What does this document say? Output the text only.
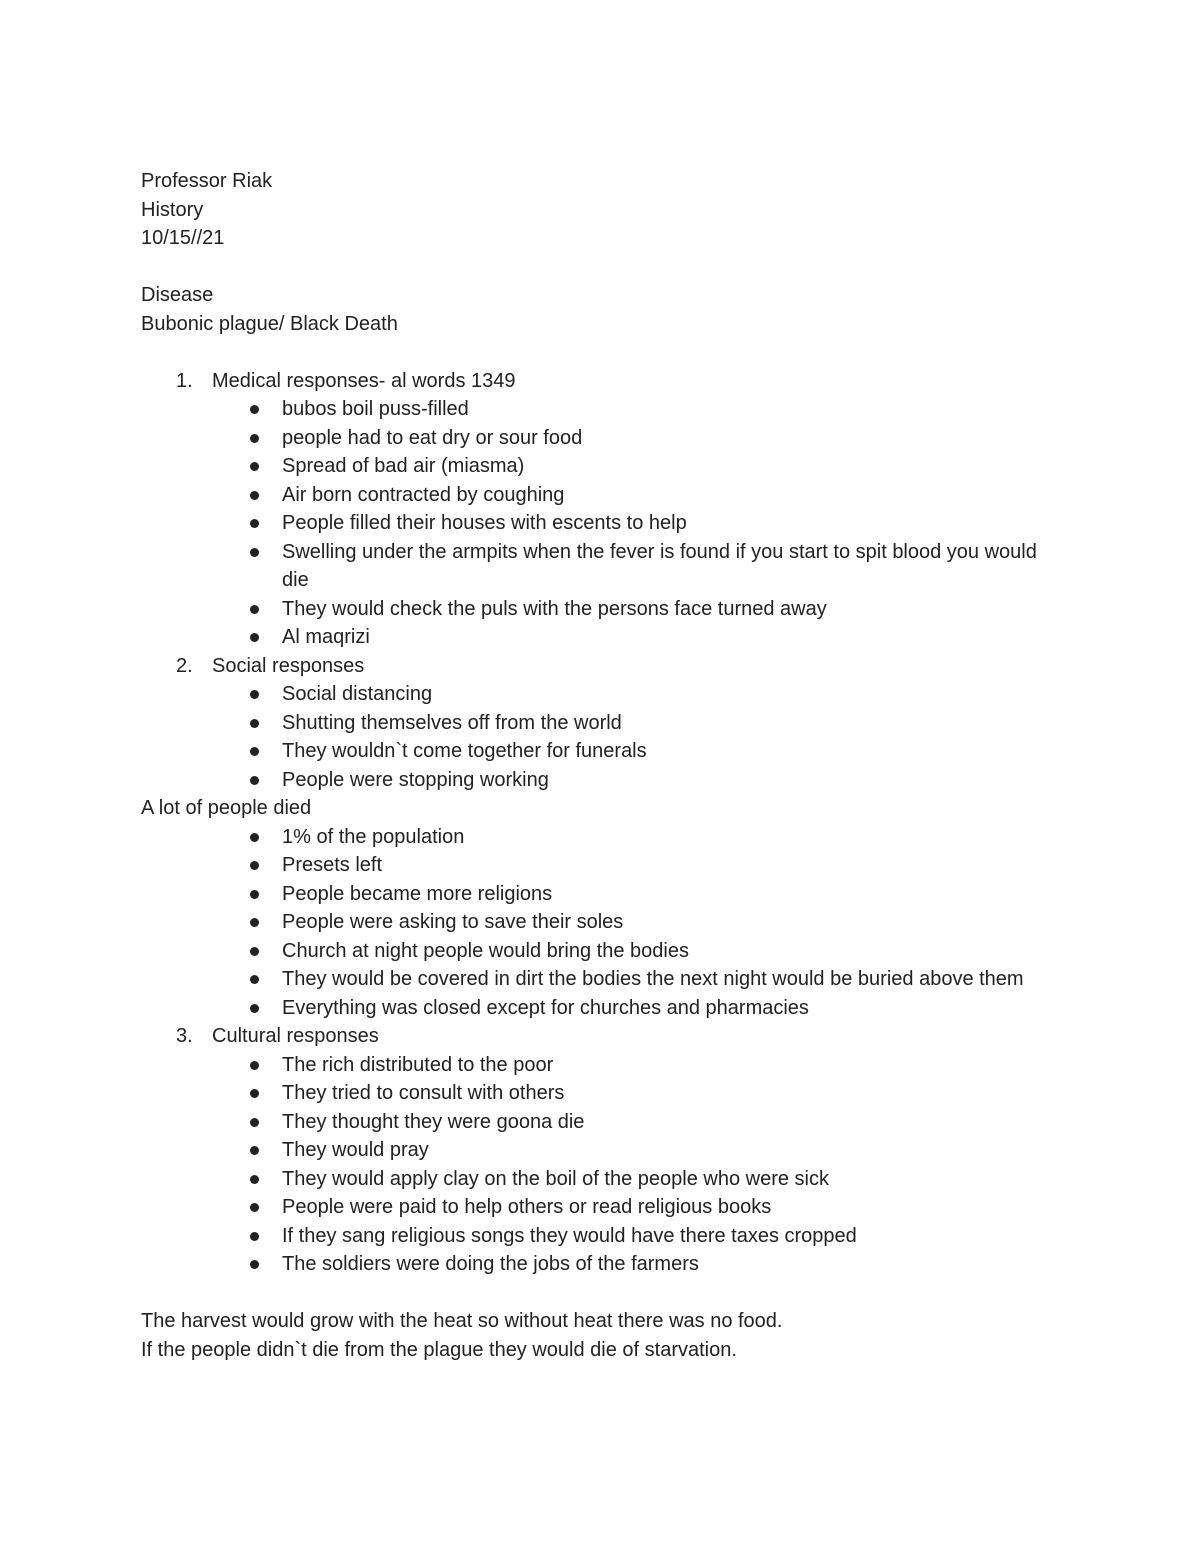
Professor Riak
History
10/15//21
Disease
Bubonic plague/ Black Death
1. Medical responses- al words 1349
bubos boil puss-filled
people had to eat dry or sour food
Spread of bad air (miasma)
Air born contracted by coughing
People filled their houses with escents to help
Swelling under the armpits when the fever is found if you start to spit blood you would die
They would check the puls with the persons face turned away
Al maqrizi
2. Social responses
Social distancing
Shutting themselves off from the world
They wouldn`t come together for funerals
People were stopping working
A lot of people died
1% of the population
Presets left
People became more religions
People were asking to save their soles
Church at night people would bring the bodies
They would be covered in dirt the bodies the next night would be buried above them
Everything was closed except for churches and pharmacies
3. Cultural responses
The rich distributed to the poor
They tried to consult with others
They thought they were goona die
They would pray
They would apply clay on the boil of the people who were sick
People were paid to help others or read religious books
If they sang religious songs they would have there taxes cropped
The soldiers were doing the jobs of the farmers
The harvest would grow with the heat so without heat there was no food.
If the people didn`t die from the plague they would die of starvation.
